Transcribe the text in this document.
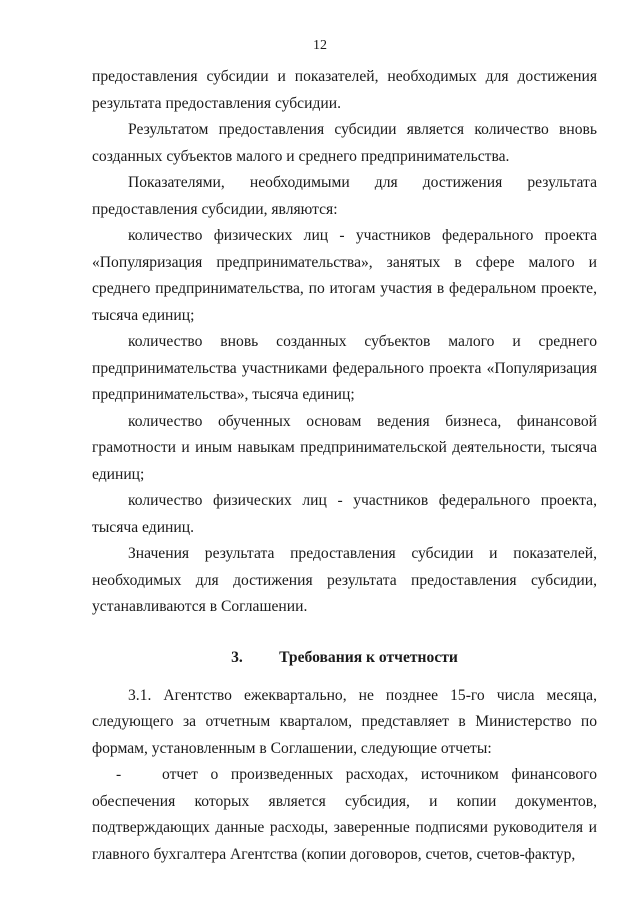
12

предоставления субсидии и показателей, необходимых для достижения результата предоставления субсидии.

Результатом предоставления субсидии является количество вновь созданных субъектов малого и среднего предпринимательства.

Показателями, необходимыми для достижения результата предоставления субсидии, являются:

количество физических лиц - участников федерального проекта «Популяризация предпринимательства», занятых в сфере малого и среднего предпринимательства, по итогам участия в федеральном проекте, тысяча единиц;

количество вновь созданных субъектов малого и среднего предпринимательства участниками федерального проекта «Популяризация предпринимательства», тысяча единиц;

количество обученных основам ведения бизнеса, финансовой грамотности и иным навыкам предпринимательской деятельности, тысяча единиц;

количество физических лиц - участников федерального проекта, тысяча единиц.

Значения результата предоставления субсидии и показателей, необходимых для достижения результата предоставления субсидии, устанавливаются в Соглашении.

3. Требования к отчетности

3.1. Агентство ежеквартально, не позднее 15-го числа месяца, следующего за отчетным кварталом, представляет в Министерство по формам, установленным в Соглашении, следующие отчеты:

-	отчет о произведенных расходах, источником финансового обеспечения которых является субсидия, и копии документов, подтверждающих данные расходы, заверенные подписями руководителя и главного бухгалтера Агентства (копии договоров, счетов, счетов-фактур,
